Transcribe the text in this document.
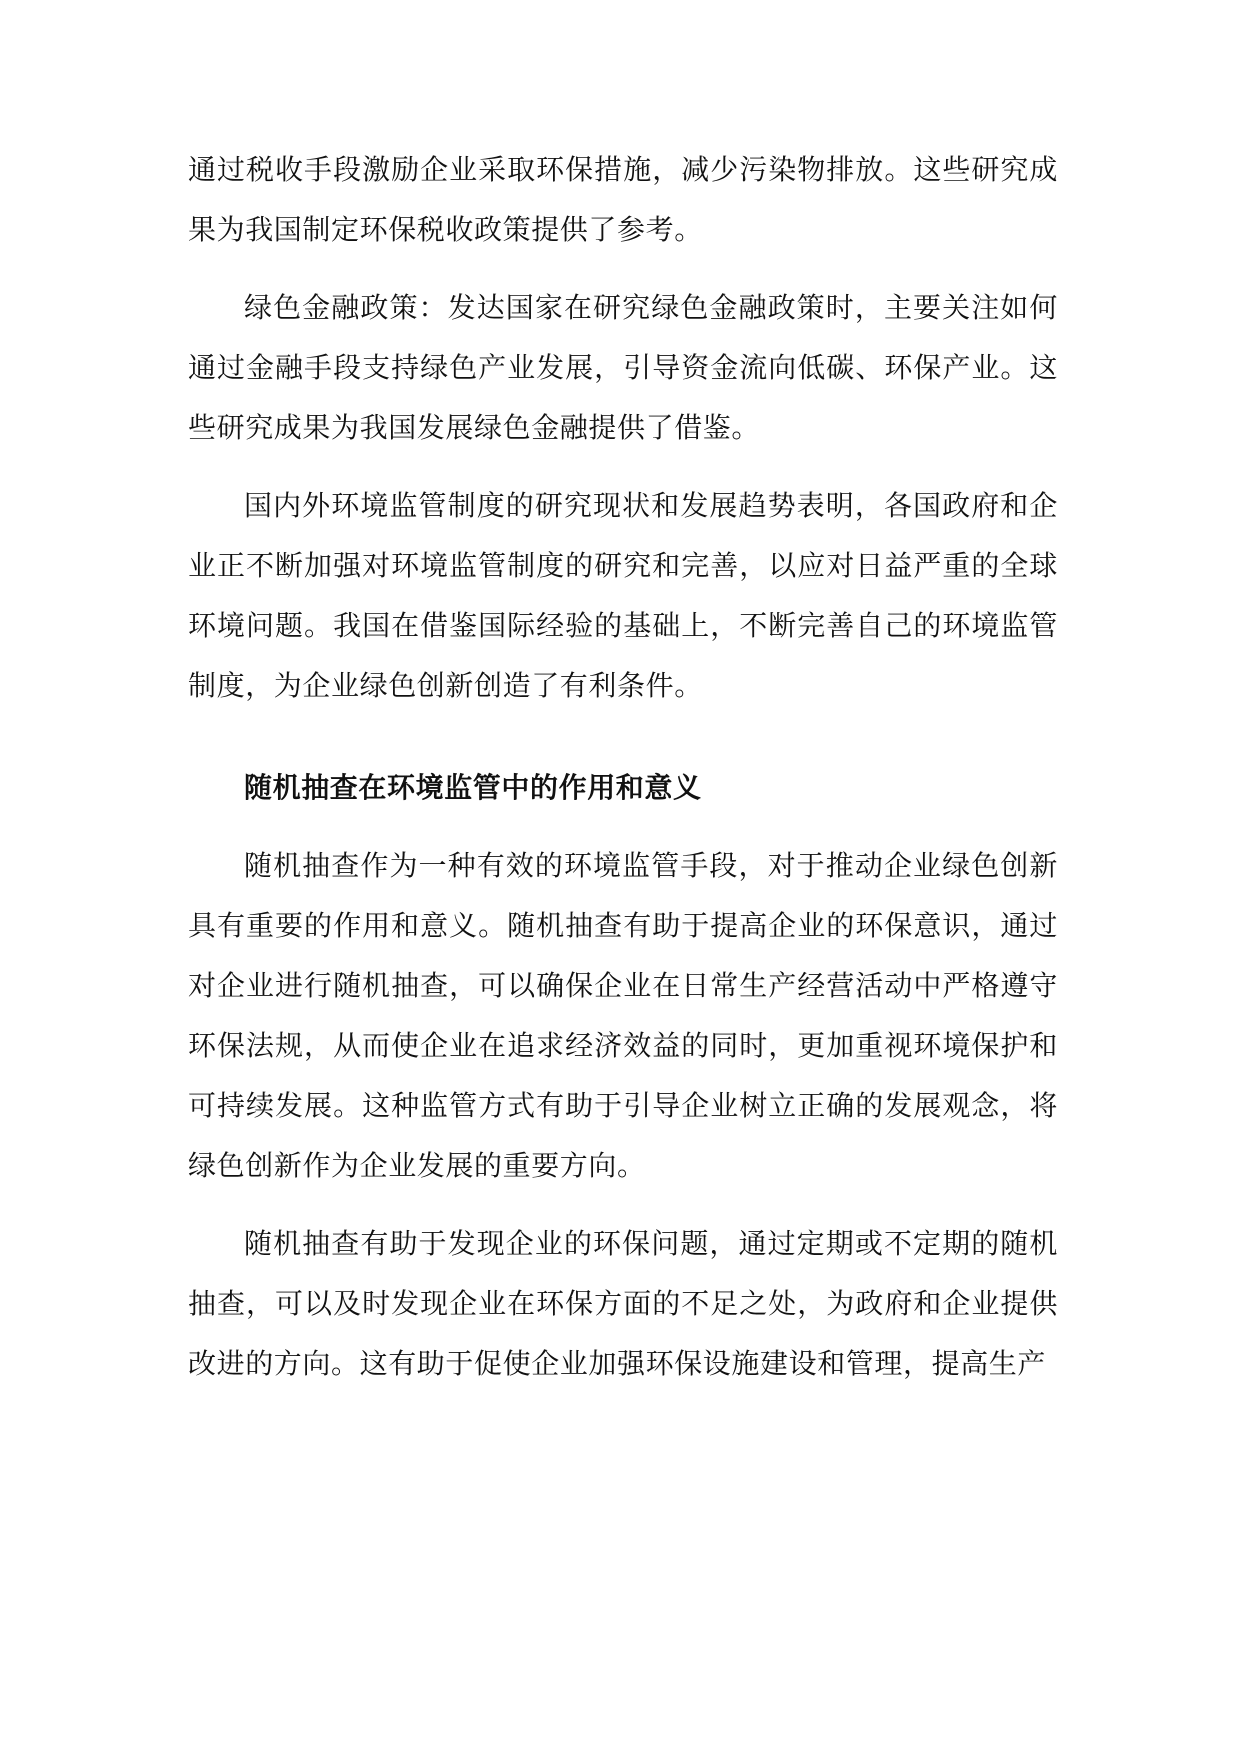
通过税收手段激励企业采取环保措施，减少污染物排放。这些研究成果为我国制定环保税收政策提供了参考。

绿色金融政策：发达国家在研究绿色金融政策时，主要关注如何通过金融手段支持绿色产业发展，引导资金流向低碳、环保产业。这些研究成果为我国发展绿色金融提供了借鉴。

国内外环境监管制度的研究现状和发展趋势表明，各国政府和企业正不断加强对环境监管制度的研究和完善，以应对日益严重的全球环境问题。我国在借鉴国际经验的基础上，不断完善自己的环境监管制度，为企业绿色创新创造了有利条件。

随机抽查在环境监管中的作用和意义

随机抽查作为一种有效的环境监管手段，对于推动企业绿色创新具有重要的作用和意义。随机抽查有助于提高企业的环保意识，通过对企业进行随机抽查，可以确保企业在日常生产经营活动中严格遵守环保法规，从而使企业在追求经济效益的同时，更加重视环境保护和可持续发展。这种监管方式有助于引导企业树立正确的发展观念，将绿色创新作为企业发展的重要方向。

随机抽查有助于发现企业的环保问题，通过定期或不定期的随机抽查，可以及时发现企业在环保方面的不足之处，为政府和企业提供改进的方向。这有助于促使企业加强环保设施建设和管理，提高生产
